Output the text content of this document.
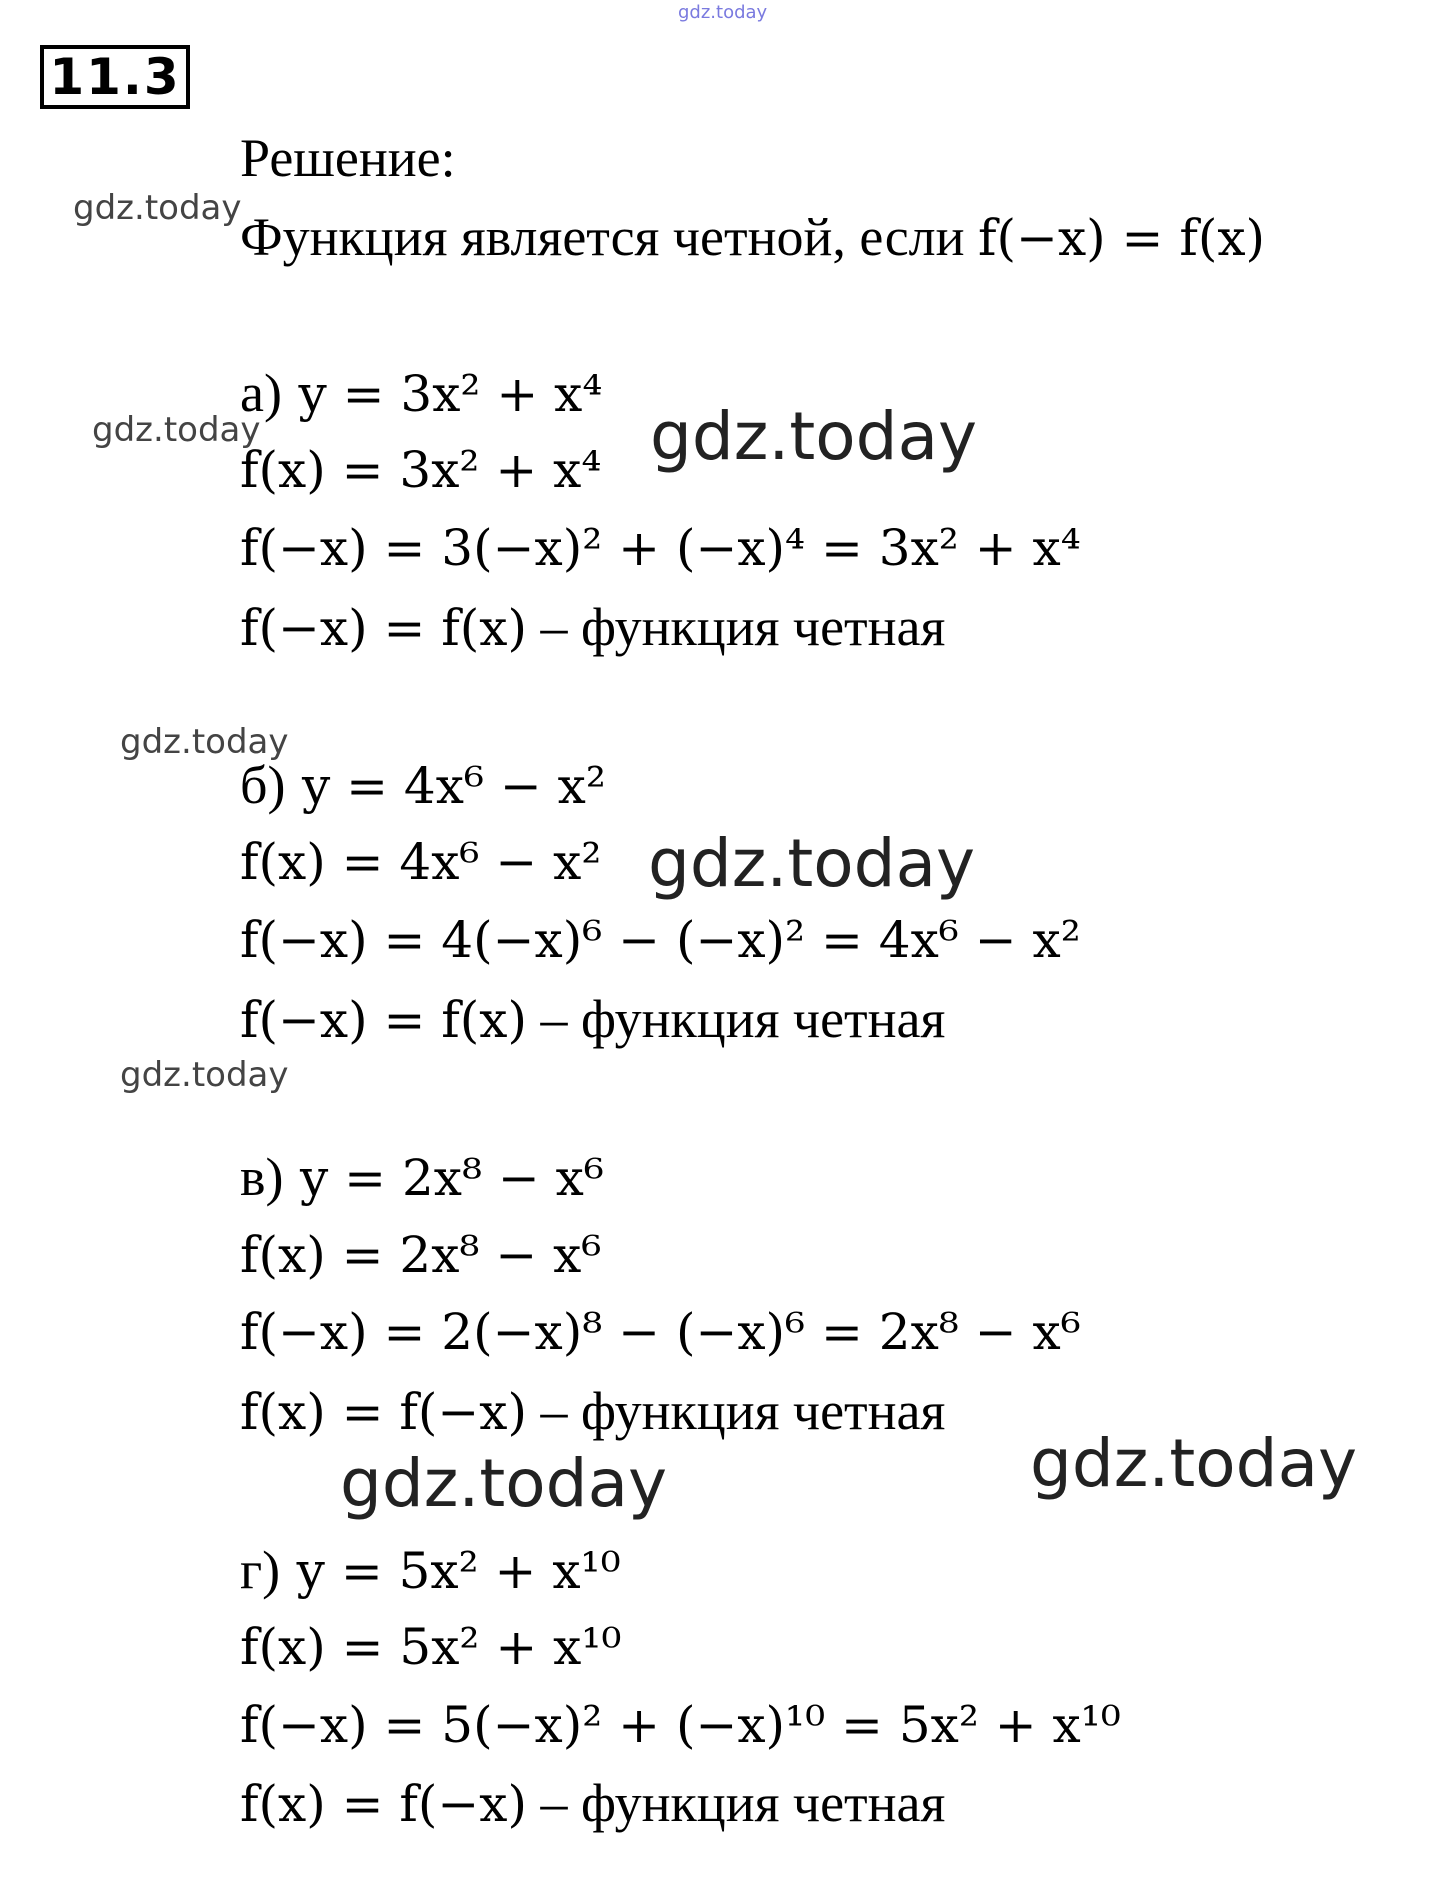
gdz.today
gdz.today
gdz.today	gdz.today
gdz.today
gdz.today
gdz.today
gdz.today	gdz.today
11.3
Решение:
Функция является четной, если f(−x) = f(x)
а) y = 3x² + x⁴
f(x) = 3x² + x⁴
f(−x) = 3(−x)² + (−x)⁴ = 3x² + x⁴
f(−x) = f(x) – функция четная
б) y = 4x⁶ − x²
f(x) = 4x⁶ − x²
f(−x) = 4(−x)⁶ − (−x)² = 4x⁶ − x²
f(−x) = f(x) – функция четная
в) y = 2x⁸ − x⁶
f(x) = 2x⁸ − x⁶
f(−x) = 2(−x)⁸ − (−x)⁶ = 2x⁸ − x⁶
f(x) = f(−x) – функция четная
г) y = 5x² + x¹⁰
f(x) = 5x² + x¹⁰
f(−x) = 5(−x)² + (−x)¹⁰ = 5x² + x¹⁰
f(x) = f(−x) – функция четная
